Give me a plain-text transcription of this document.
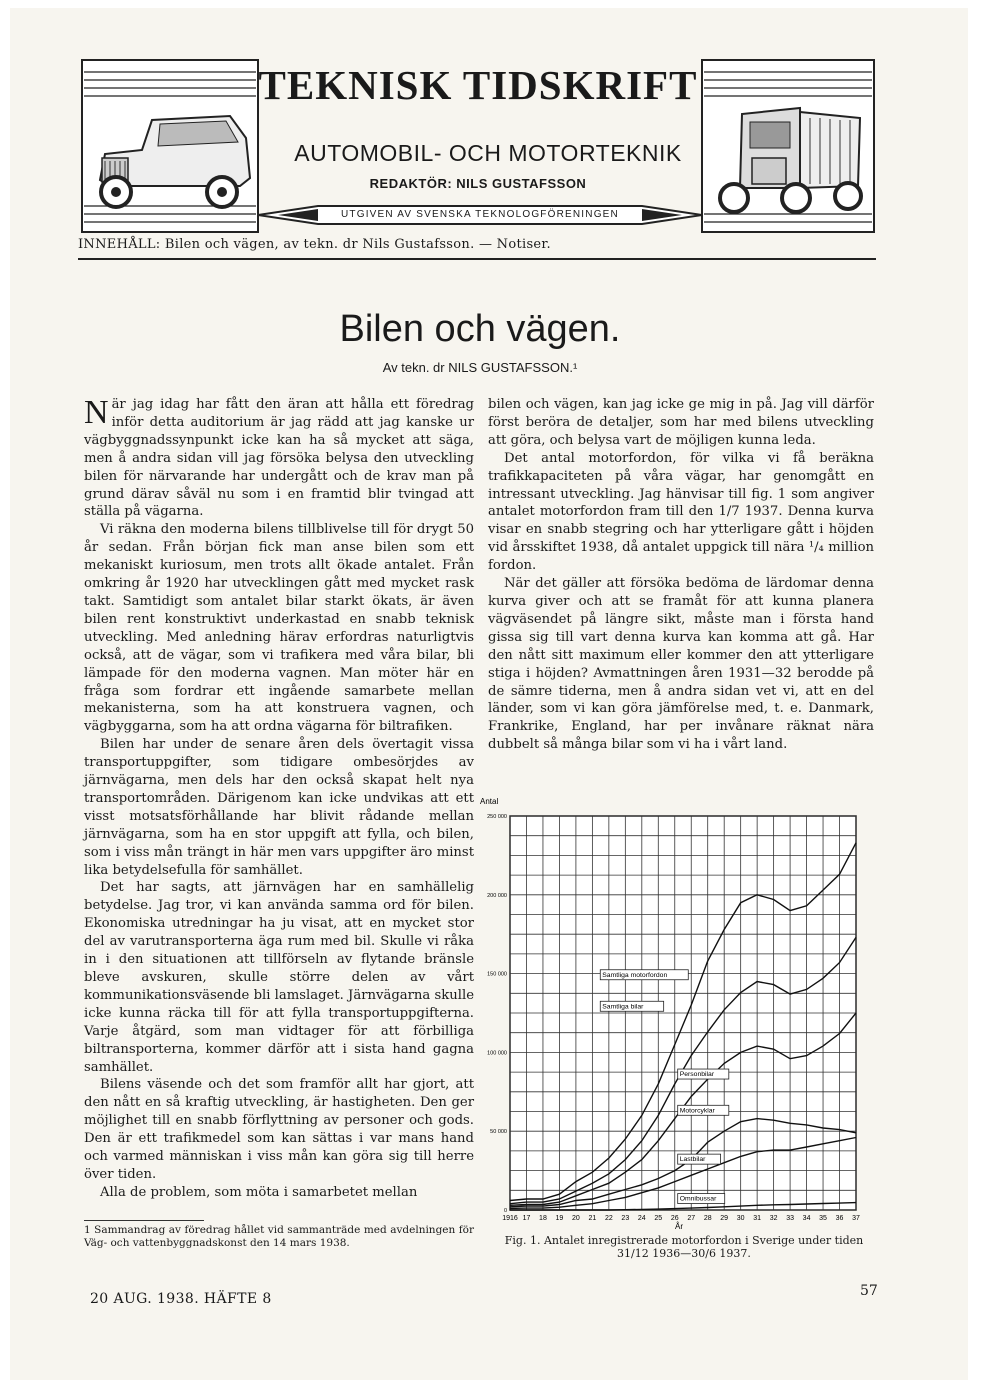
TEKNISK TIDSKRIFT
AUTOMOBIL- OCH MOTORTEKNIK
REDAKTÖR: NILS GUSTAFSSON
UTGIVEN AV SVENSKA TEKNOLOGFÖRENINGEN
INNEHÅLL: Bilen och vägen, av tekn. dr Nils Gustafsson. — Notiser.
Bilen och vägen.
Av tekn. dr NILS GUSTAFSSON.¹

När jag idag har fått den äran att hålla ett föredrag inför detta auditorium är jag rädd att jag kanske ur vägbyggnadssynpunkt icke kan ha så mycket att säga, men å andra sidan vill jag försöka belysa den utveckling bilen för närvarande har undergått och de krav man på grund därav såväl nu som i en framtid blir tvingad att ställa på vägarna.

Vi räkna den moderna bilens tillblivelse till för drygt 50 år sedan. Från början fick man anse bilen som ett mekaniskt kuriosum, men trots allt ökade antalet. Från omkring år 1920 har utvecklingen gått med mycket rask takt. Samtidigt som antalet bilar starkt ökats, är även bilen rent konstruktivt underkastad en snabb teknisk utveckling. Med anledning härav erfordras naturligtvis också, att de vägar, som vi trafikera med våra bilar, bli lämpade för den moderna vagnen. Man möter här en fråga som fordrar ett ingående samarbete mellan mekanisterna, som ha att konstruera vagnen, och vägbyggarna, som ha att ordna vägarna för biltrafiken.

Bilen har under de senare åren dels övertagit vissa transportuppgifter, som tidigare ombesörjdes av järnvägarna, men dels har den också skapat helt nya transportområden. Därigenom kan icke undvikas att ett visst motsatsförhållande har blivit rådande mellan järnvägarna, som ha en stor uppgift att fylla, och bilen, som i viss mån trängt in här men vars uppgifter äro minst lika betydelsefulla för samhället.

Det har sagts, att järnvägen har en samhällelig betydelse. Jag tror, vi kan använda samma ord för bilen. Ekonomiska utredningar ha ju visat, att en mycket stor del av varutransporterna äga rum med bil. Skulle vi råka in i den situationen att tillförseln av flytande bränsle bleve avskuren, skulle större delen av vårt kommunikationsväsende bli lamslaget. Järnvägarna skulle icke kunna räcka till för att fylla transportuppgifterna. Varje åtgärd, som man vidtager för att förbilliga biltransporterna, kommer därför att i sista hand gagna samhället.

Bilens väsende och det som framför allt har gjort, att den nått en så kraftig utveckling, är hastigheten. Den ger möjlighet till en snabb förflyttning av personer och gods. Den är ett trafikmedel som kan sättas i var mans hand och varmed människan i viss mån kan göra sig till herre över tiden.

Alla de problem, som möta i samarbetet mellan

1 Sammandrag av föredrag hållet vid sammanträde med avdelningen för Väg- och vattenbyggnadskonst den 14 mars 1938.

bilen och vägen, kan jag icke ge mig in på. Jag vill därför först beröra de detaljer, som har med bilens utveckling att göra, och belysa vart de möjligen kunna leda.

Det antal motorfordon, för vilka vi få beräkna trafikkapaciteten på våra vägar, har genomgått en intressant utveckling. Jag hänvisar till fig. 1 som angiver antalet motorfordon fram till den 1/7 1937. Denna kurva visar en snabb stegring och har ytterligare gått i höjden vid årsskiftet 1938, då antalet uppgick till nära ¹/₄ million fordon.

När det gäller att försöka bedöma de lärdomar denna kurva giver och att se framåt för att kunna planera vägväsendet på längre sikt, måste man i första hand gissa sig till vart denna kurva kan komma att gå. Har den nått sitt maximum eller kommer den att ytterligare stiga i höjden? Avmattningen åren 1931—32 berodde på de sämre tiderna, men å andra sidan vet vi, att en del länder, som vi kan göra jämförelse med, t. e. Danmark, Frankrike, England, har per invånare räknat nära dubbelt så många bilar som vi ha i vårt land.

1916 17 18 19 20 21 22 23 24 25 26 27 28 29 30 31 32 33 34 35 36 37
0
50 000
100 000
150 000
200 000
250 000
Antal
År
Samtliga motorfordon
Samtliga bilar
Personbilar
Motorcyklar
Lastbilar
Omnibussar
Fig. 1. Antalet inregistrerade motorfordon i Sverige under tiden 31/12 1936—30/6 1937.
20 AUG. 1938. HÄFTE 8	57
